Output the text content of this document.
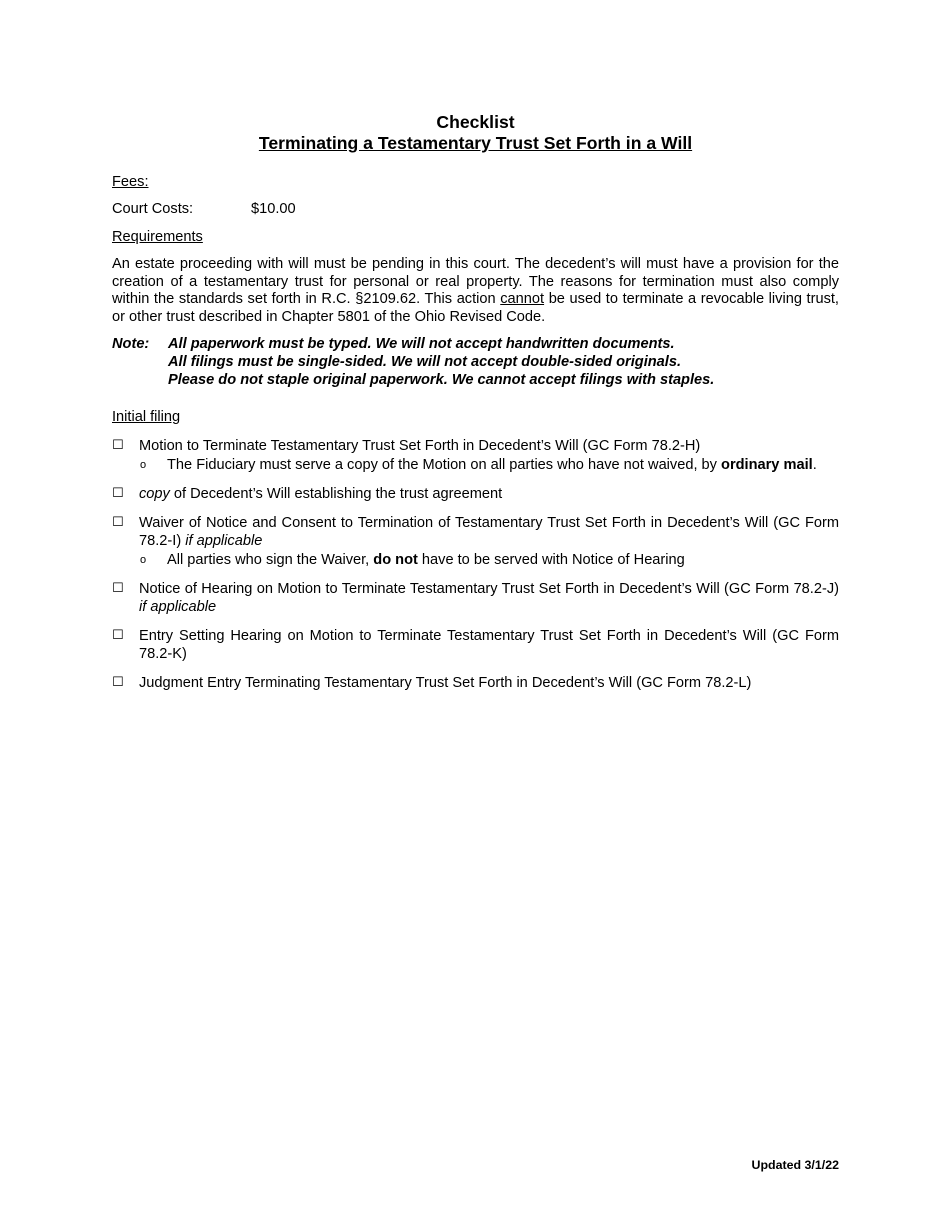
Checklist
Terminating a Testamentary Trust Set Forth in a Will

Fees:

Court Costs:	$10.00

Requirements

An estate proceeding with will must be pending in this court. The decedent’s will must have a provision for the creation of a testamentary trust for personal or real property. The reasons for termination must also comply within the standards set forth in R.C. §2109.62. This action cannot be used to terminate a revocable living trust, or other trust described in Chapter 5801 of the Ohio Revised Code.

Note:	All paperwork must be typed. We will not accept handwritten documents.
All filings must be single-sided. We will not accept double-sided originals.
Please do not staple original paperwork. We cannot accept filings with staples.

Initial filing

☐	Motion to Terminate Testamentary Trust Set Forth in Decedent’s Will (GC Form 78.2-H)
o	The Fiduciary must serve a copy of the Motion on all parties who have not waived, by ordinary mail.
☐	copy of Decedent’s Will establishing the trust agreement
☐	Waiver of Notice and Consent to Termination of Testamentary Trust Set Forth in Decedent’s Will (GC Form 78.2-I) if applicable
o	All parties who sign the Waiver, do not have to be served with Notice of Hearing
☐	Notice of Hearing on Motion to Terminate Testamentary Trust Set Forth in Decedent’s Will (GC Form 78.2-J) if applicable
☐	Entry Setting Hearing on Motion to Terminate Testamentary Trust Set Forth in Decedent’s Will (GC Form 78.2-K)
☐	Judgment Entry Terminating Testamentary Trust Set Forth in Decedent’s Will (GC Form 78.2-L)
Updated 3/1/22
